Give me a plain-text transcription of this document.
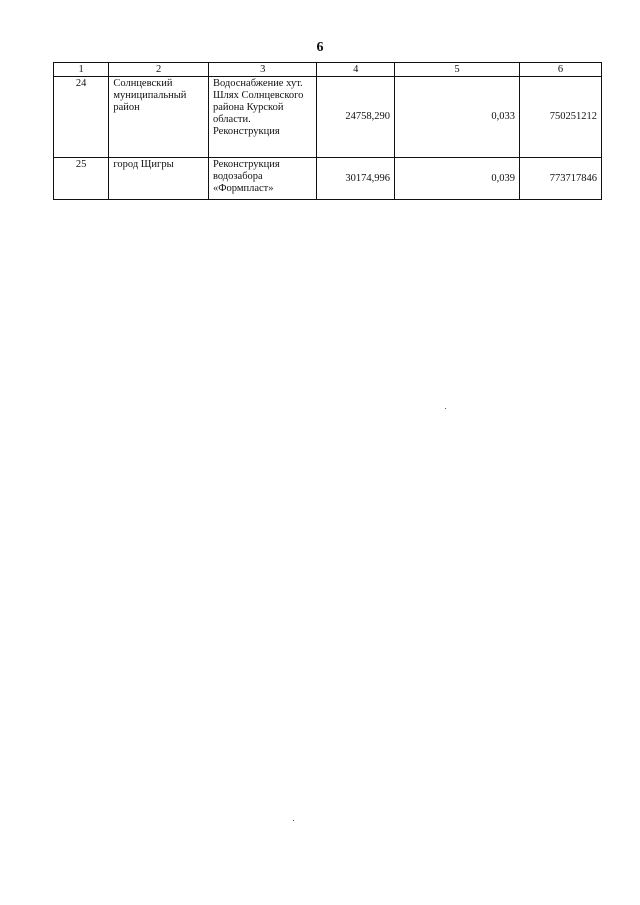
6
1	2	3	4	5	6
24	Солнцевский муниципальный район	Водоснабжение хут. Шлях Солнцевского района Курской области. Реконструкция	24758,290	0,033	750251212
25	город Щигры	Реконструкция водозабора «Формпласт»	30174,996	0,039	773717846
